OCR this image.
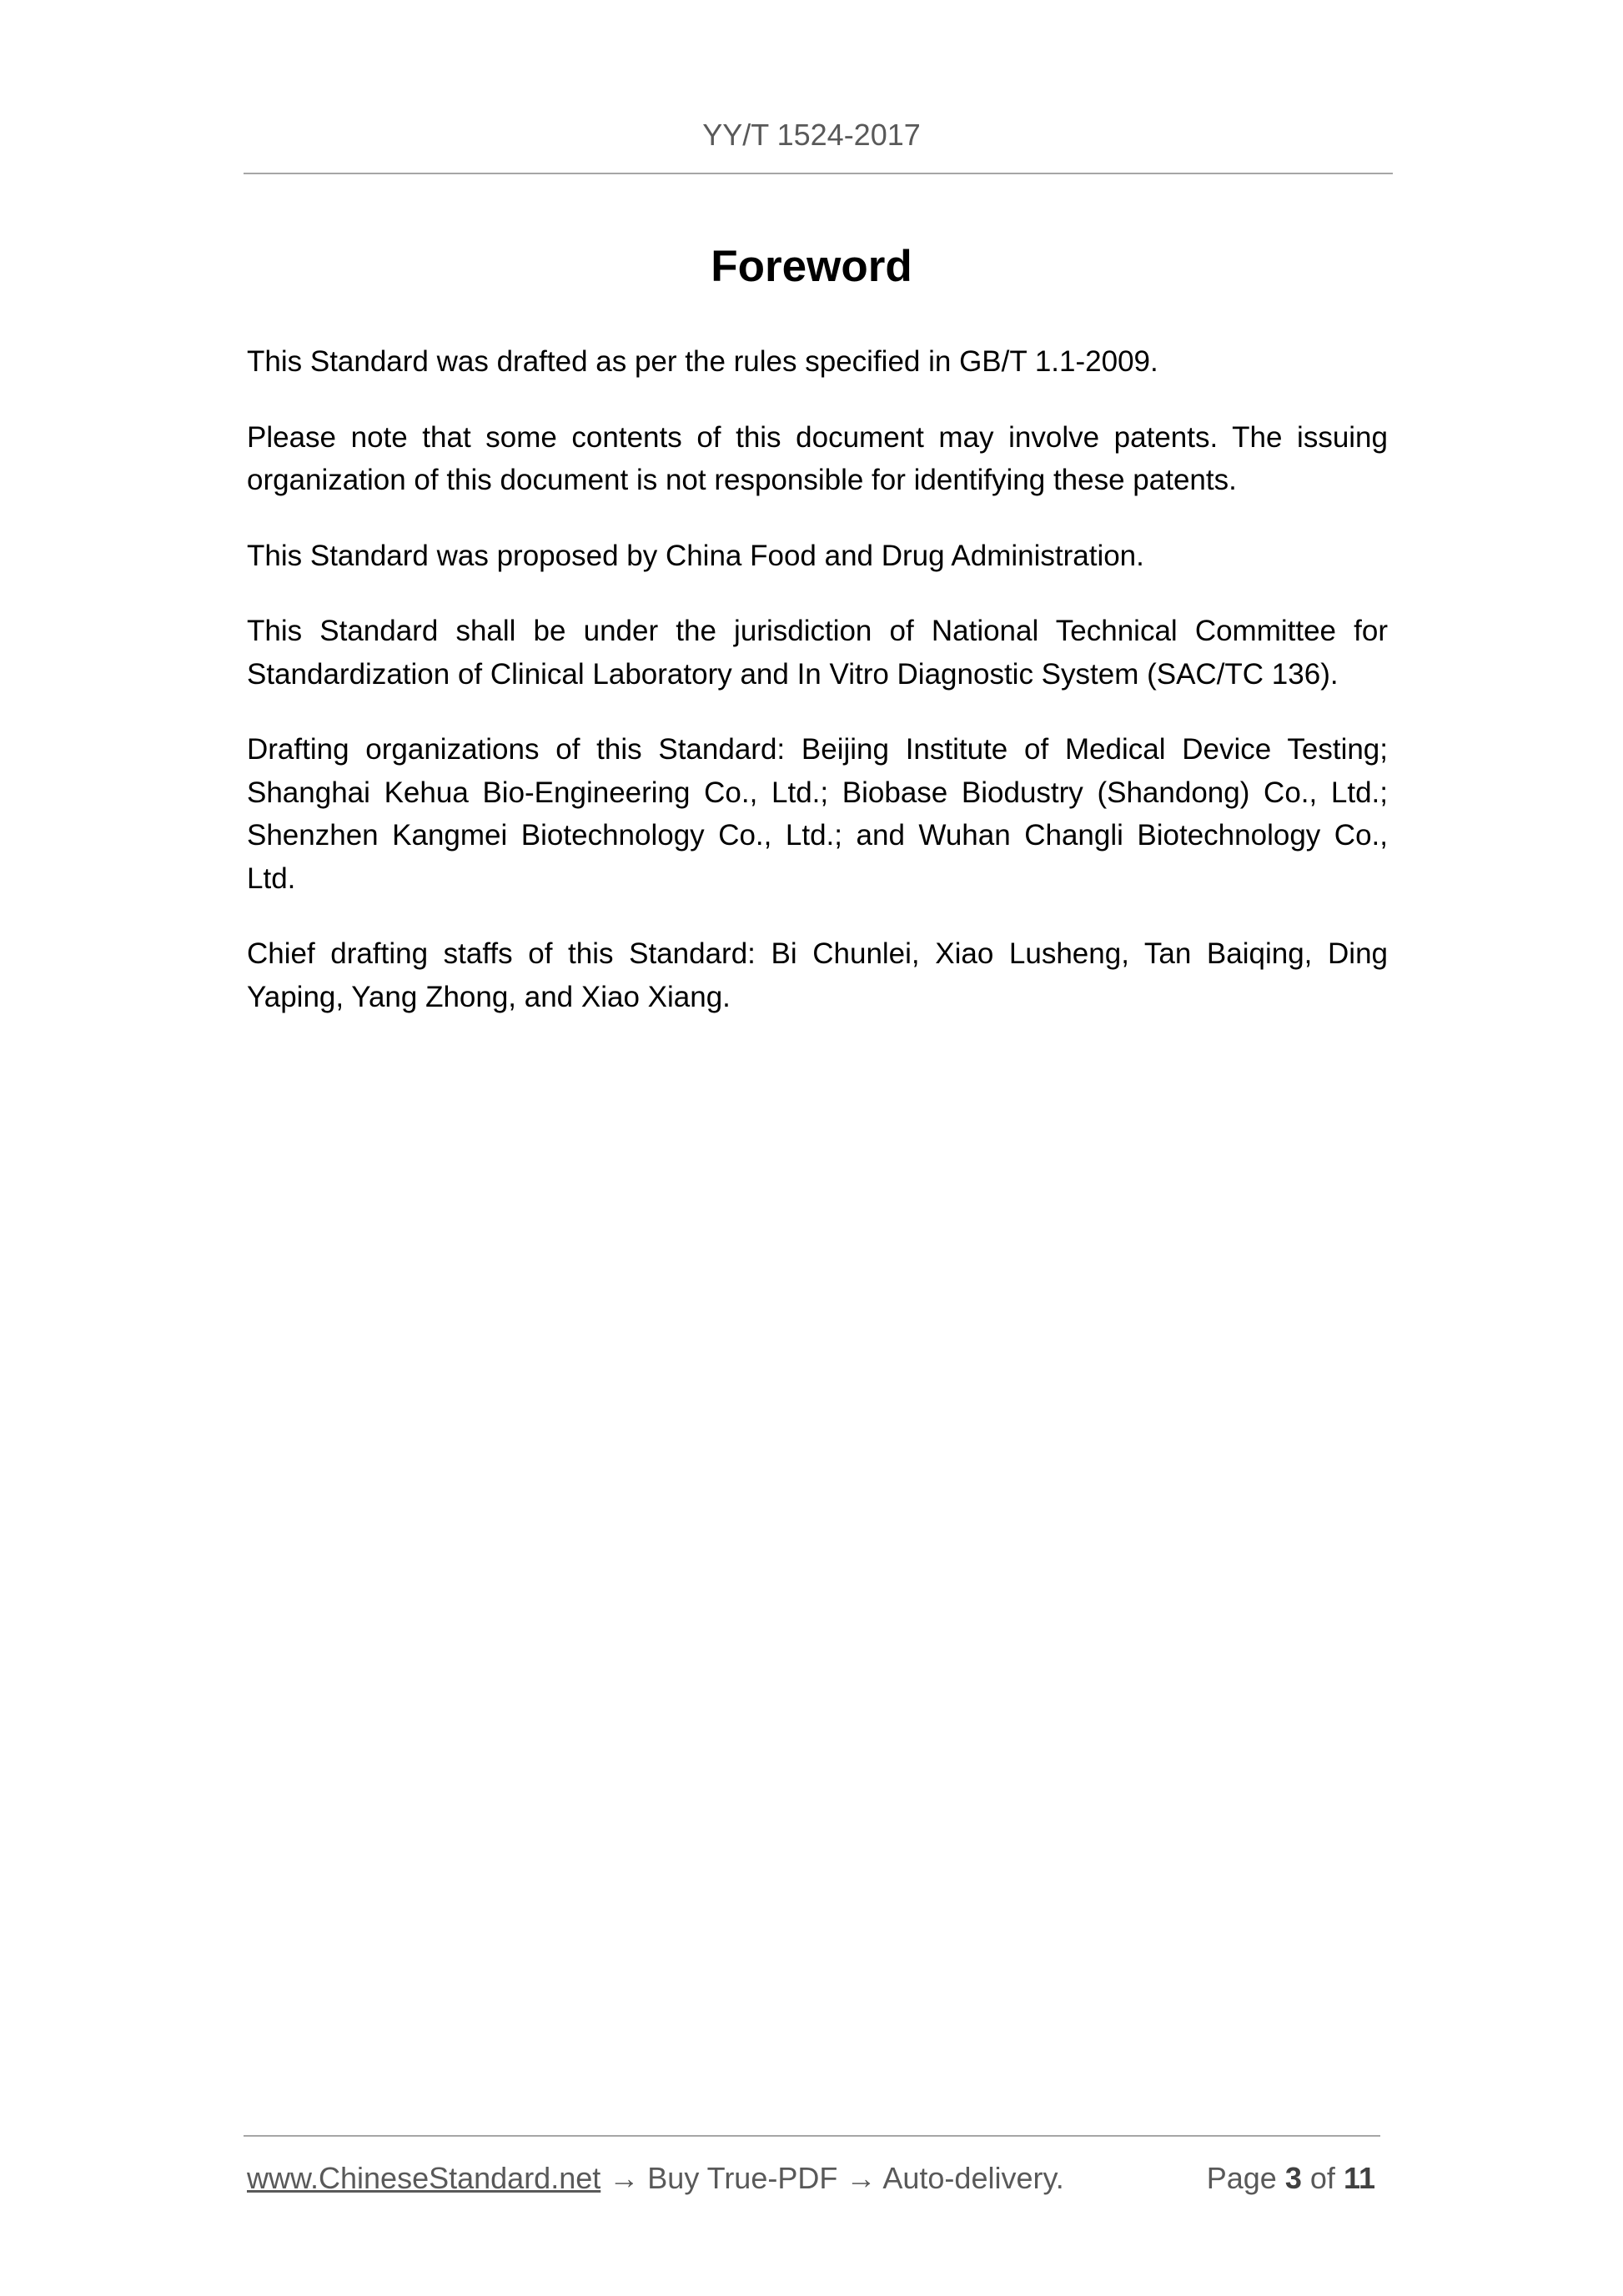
YY/T 1524-2017
Foreword

This Standard was drafted as per the rules specified in GB/T 1.1-2009.

Please note that some contents of this document may involve patents. The issuing organization of this document is not responsible for identifying these patents.

This Standard was proposed by China Food and Drug Administration.

This Standard shall be under the jurisdiction of National Technical Committee for Standardization of Clinical Laboratory and In Vitro Diagnostic System (SAC/TC 136).

Drafting organizations of this Standard: Beijing Institute of Medical Device Testing; Shanghai Kehua Bio-Engineering Co., Ltd.; Biobase Biodustry (Shandong) Co., Ltd.; Shenzhen Kangmei Biotechnology Co., Ltd.; and Wuhan Changli Biotechnology Co., Ltd.

Chief drafting staffs of this Standard: Bi Chunlei, Xiao Lusheng, Tan Baiqing, Ding Yaping, Yang Zhong, and Xiao Xiang.

www.ChineseStandard.net → Buy True-PDF → Auto-delivery.	Page 3 of 11
